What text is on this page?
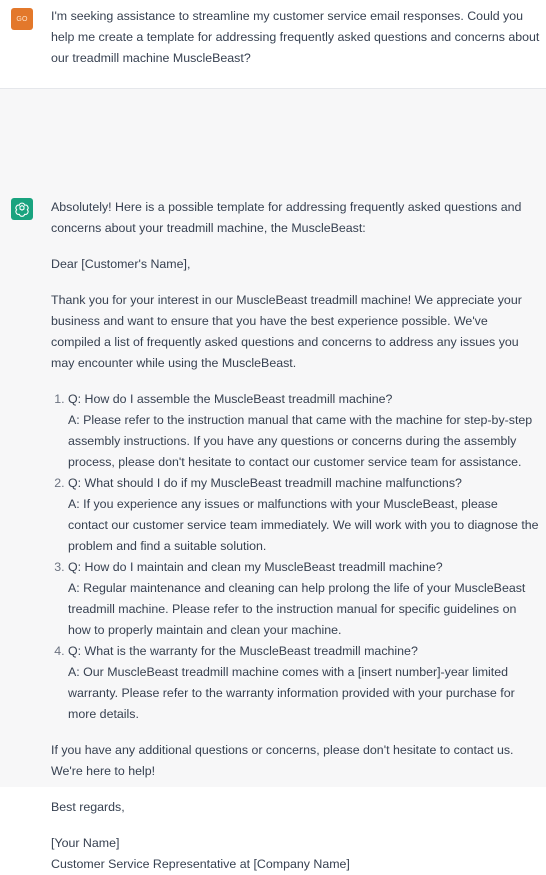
GO	I'm seeking assistance to streamline my customer service email responses. Could you help me create a template for addressing frequently asked questions and concerns about our treadmill machine MuscleBeast?

Absolutely! Here is a possible template for addressing frequently asked questions and concerns about your treadmill machine, the MuscleBeast:

Dear [Customer's Name],

Thank you for your interest in our MuscleBeast treadmill machine! We appreciate your business and want to ensure that you have the best experience possible. We've compiled a list of frequently asked questions and concerns to address any issues you may encounter while using the MuscleBeast.

1. Q: How do I assemble the MuscleBeast treadmill machine?
A: Please refer to the instruction manual that came with the machine for step-by-step assembly instructions. If you have any questions or concerns during the assembly process, please don't hesitate to contact our customer service team for assistance.
2. Q: What should I do if my MuscleBeast treadmill machine malfunctions?
A: If you experience any issues or malfunctions with your MuscleBeast, please contact our customer service team immediately. We will work with you to diagnose the problem and find a suitable solution.
3. Q: How do I maintain and clean my MuscleBeast treadmill machine?
A: Regular maintenance and cleaning can help prolong the life of your MuscleBeast treadmill machine. Please refer to the instruction manual for specific guidelines on how to properly maintain and clean your machine.
4. Q: What is the warranty for the MuscleBeast treadmill machine?
A: Our MuscleBeast treadmill machine comes with a [insert number]-year limited warranty. Please refer to the warranty information provided with your purchase for more details.

If you have any additional questions or concerns, please don't hesitate to contact us. We're here to help!

Best regards,

[Your Name]

Customer Service Representative at [Company Name]
